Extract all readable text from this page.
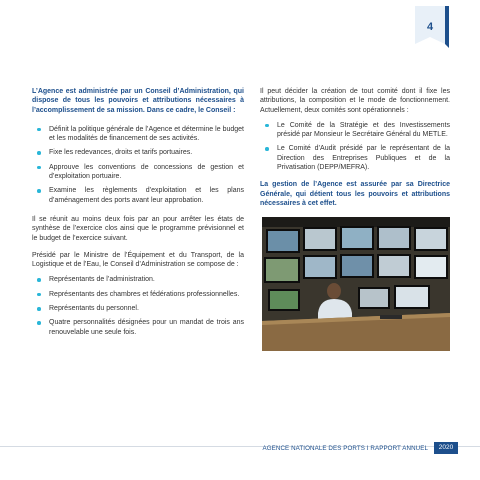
4

L’Agence est administrée par un Conseil d’Administration, qui dispose de tous les pouvoirs et attributions nécessaires à l’accomplissement de sa mission. Dans ce cadre, le Conseil :

Définit la politique générale de l’Agence et détermine le budget et les modalités de financement de ses activités.
Fixe les redevances, droits et tarifs portuaires.
Approuve les conventions de concessions de gestion et d’exploitation portuaire.
Examine les règlements d’exploitation et les plans d’aménagement des ports avant leur approbation.

Il se réunit au moins deux fois par an pour arrêter les états de synthèse de l’exercice clos ainsi que le programme prévisionnel et le budget de l’exercice suivant.

Présidé par le Ministre de l’Équipement et du Transport, de la Logistique et de l’Eau, le Conseil d’Administration se compose de :

Représentants de l’administration.
Représentants des chambres et fédérations professionnelles.
Représentants du personnel.
Quatre personnalités désignées pour un mandat de trois ans renouvelable une seule fois.

Il peut décider la création de tout comité dont il fixe les attributions, la composition et le mode de fonctionnement. Actuellement, deux comités sont opérationnels :

Le Comité de la Stratégie et des Investissements présidé par Monsieur le Secrétaire Général du METLE.
Le Comité d’Audit présidé par le représentant de la Direction des Entreprises Publiques et de la Privatisation (DEPP/MEFRA).

La gestion de l’Agence est assurée par sa Directrice Générale, qui détient tous les pouvoirs et attributions nécessaires à cet effet.

AGENCE NATIONALE DES PORTS I RAPPORT ANNUEL	2020
